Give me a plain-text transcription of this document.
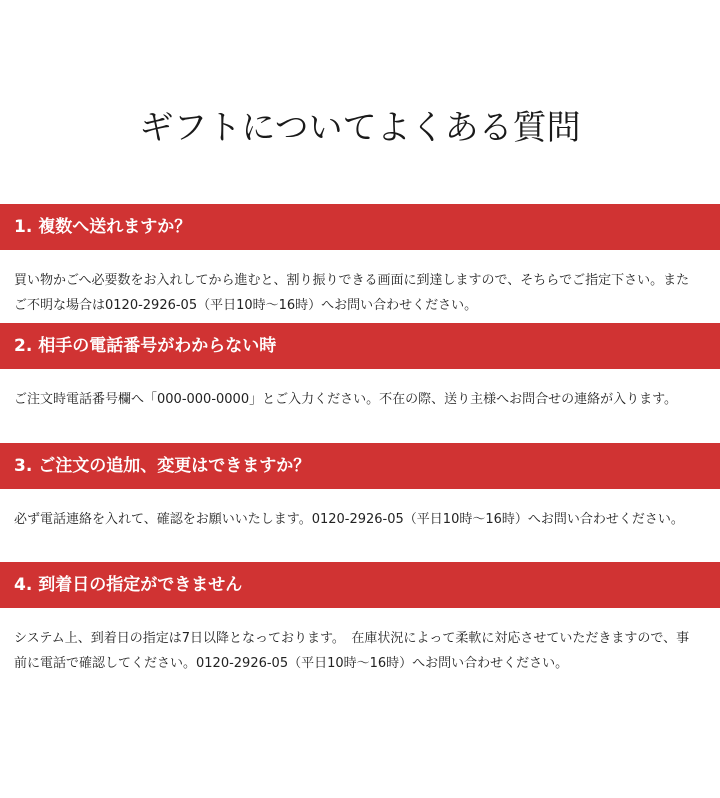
ギフトについてよくある質問
1. 複数へ送れますか？
買い物かごへ必要数をお入れしてから進むと、割り振りできる画面に到達しますので、そちらでご指定下さい。またご不明な場合は0120-2926-05（平日10時〜16時）へお問い合わせください。
2. 相手の電話番号がわからない時
ご注文時電話番号欄へ「000-000-0000」とご入力ください。不在の際、送り主様へお問合せの連絡が入ります。
3. ご注文の追加、変更はできますか？
必ず電話連絡を入れて、確認をお願いいたします。0120-2926-05（平日10時〜16時）へお問い合わせください。
4. 到着日の指定ができません
システム上、到着日の指定は7日以降となっております。　在庫状況によって柔軟に対応させていただきますので、事前に電話で確認してください。0120-2926-05（平日10時〜16時）へお問い合わせください。
